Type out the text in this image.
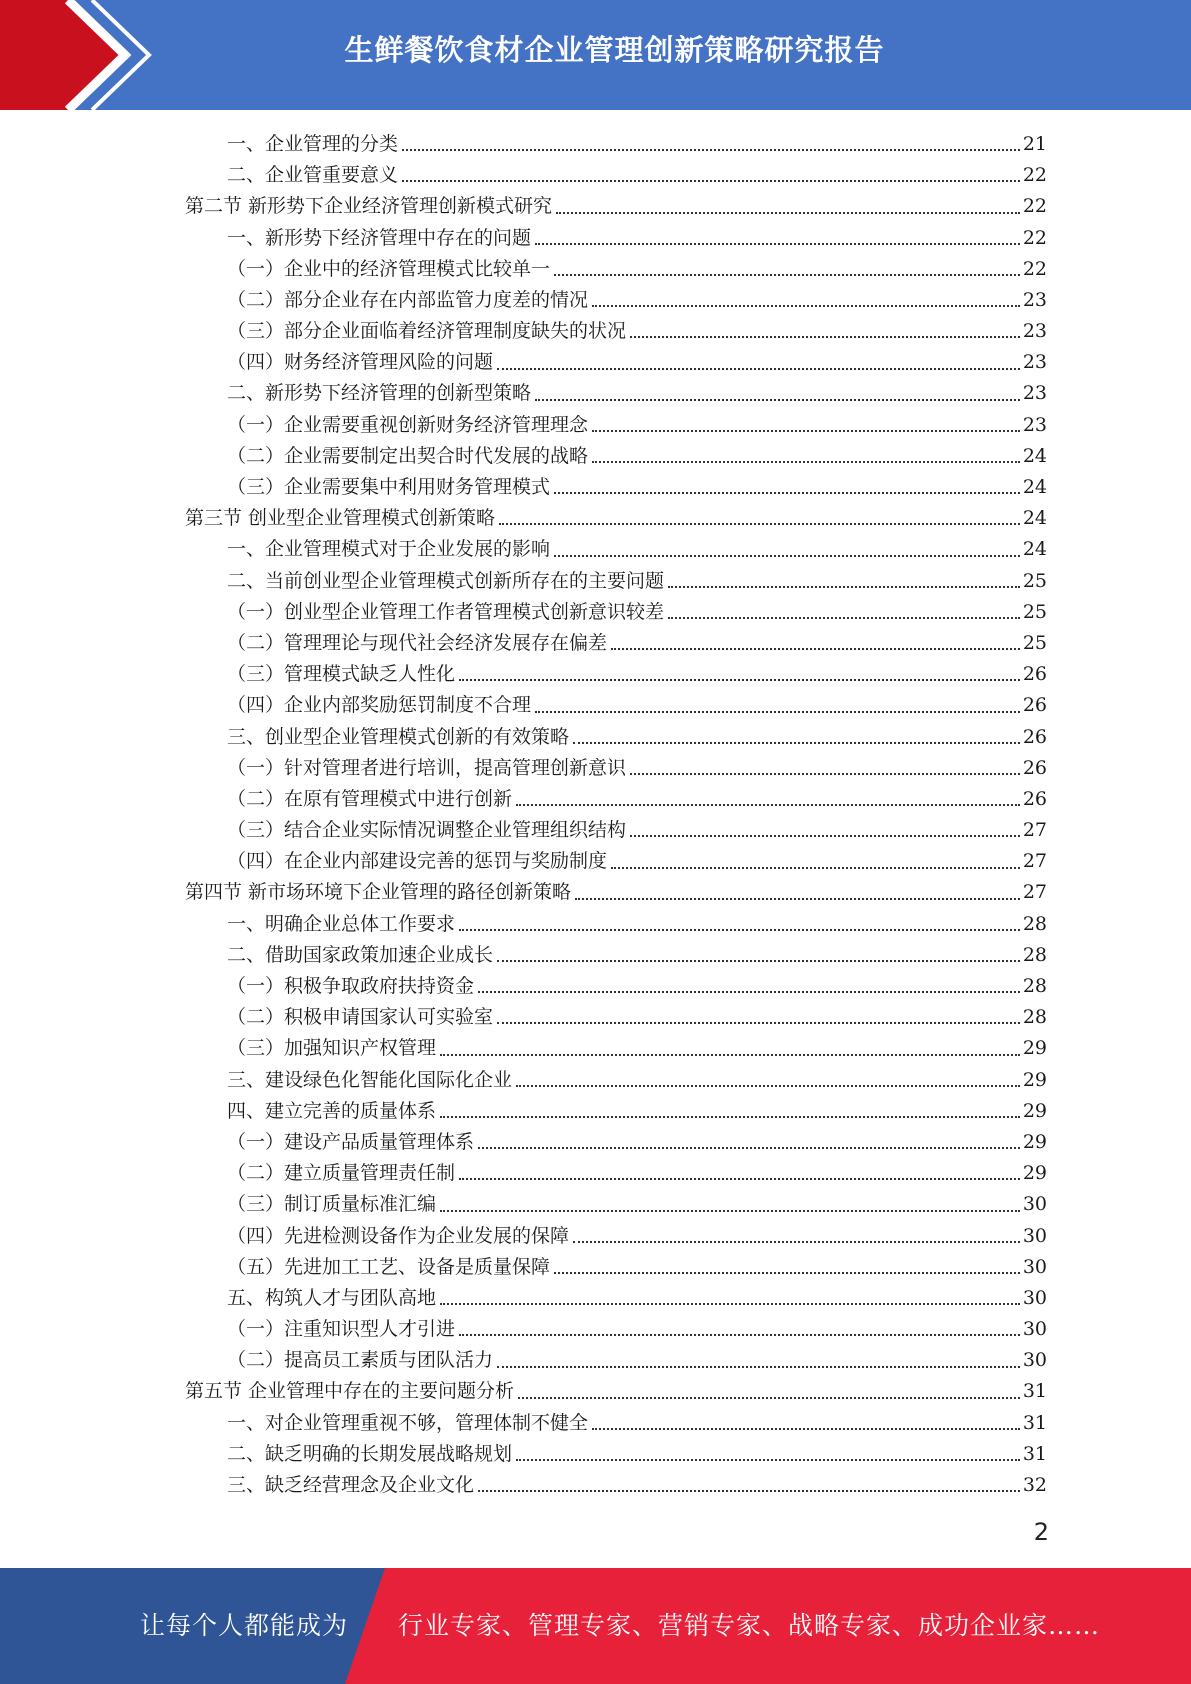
生鲜餐饮食材企业管理创新策略研究报告
一、企业管理的分类	21
二、企业管重要意义	22
第二节 新形势下企业经济管理创新模式研究	22
一、新形势下经济管理中存在的问题	22
（一）企业中的经济管理模式比较单一	22
（二）部分企业存在内部监管力度差的情况	23
（三）部分企业面临着经济管理制度缺失的状况	23
（四）财务经济管理风险的问题	23
二、新形势下经济管理的创新型策略	23
（一）企业需要重视创新财务经济管理理念	23
（二）企业需要制定出契合时代发展的战略	24
（三）企业需要集中利用财务管理模式	24
第三节 创业型企业管理模式创新策略	24
一、企业管理模式对于企业发展的影响	24
二、当前创业型企业管理模式创新所存在的主要问题	25
（一）创业型企业管理工作者管理模式创新意识较差	25
（二）管理理论与现代社会经济发展存在偏差	25
（三）管理模式缺乏人性化	26
（四）企业内部奖励惩罚制度不合理	26
三、创业型企业管理模式创新的有效策略	26
（一）针对管理者进行培训，提高管理创新意识	26
（二）在原有管理模式中进行创新	26
（三）结合企业实际情况调整企业管理组织结构	27
（四）在企业内部建设完善的惩罚与奖励制度	27
第四节 新市场环境下企业管理的路径创新策略	27
一、明确企业总体工作要求	28
二、借助国家政策加速企业成长	28
（一）积极争取政府扶持资金	28
（二）积极申请国家认可实验室	28
（三）加强知识产权管理	29
三、建设绿色化智能化国际化企业	29
四、建立完善的质量体系	29
（一）建设产品质量管理体系	29
（二）建立质量管理责任制	29
（三）制订质量标准汇编	30
（四）先进检测设备作为企业发展的保障	30
（五）先进加工工艺、设备是质量保障	30
五、构筑人才与团队高地	30
（一）注重知识型人才引进	30
（二）提高员工素质与团队活力	30
第五节 企业管理中存在的主要问题分析	31
一、对企业管理重视不够，管理体制不健全	31
二、缺乏明确的长期发展战略规划	31
三、缺乏经营理念及企业文化	32
2
让每个人都能成为 行业专家、管理专家、营销专家、战略专家、成功企业家……
